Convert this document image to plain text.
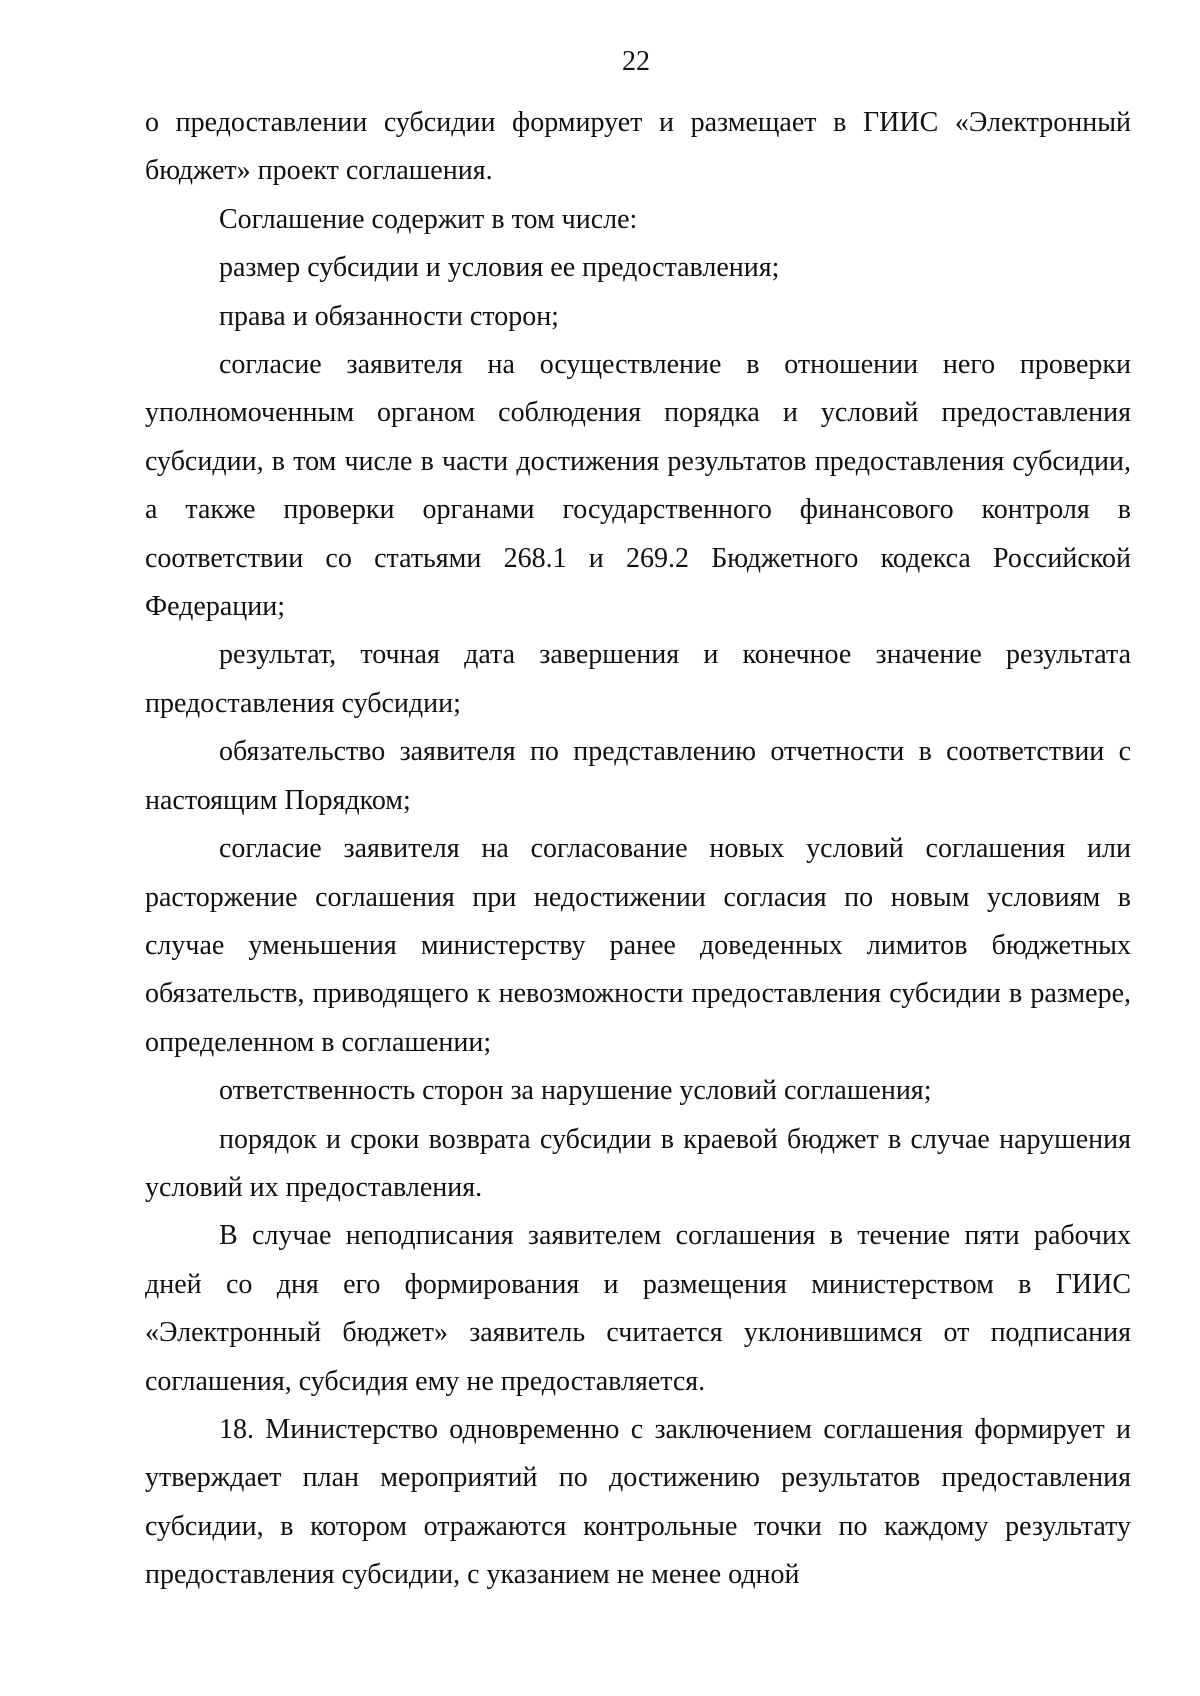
22

о предоставлении субсидии формирует и размещает в ГИИС «Электронный бюджет» проект соглашения.

Соглашение содержит в том числе:

размер субсидии и условия ее предоставления;

права и обязанности сторон;

согласие заявителя на осуществление в отношении него проверки уполномоченным органом соблюдения порядка и условий предоставления субсидии, в том числе в части достижения результатов предоставления субсидии, а также проверки органами государственного финансового контроля в соответствии со статьями 268.1 и 269.2 Бюджетного кодекса Российской Федерации;

результат, точная дата завершения и конечное значение результата предоставления субсидии;

обязательство заявителя по представлению отчетности в соответствии с настоящим Порядком;

согласие заявителя на согласование новых условий соглашения или расторжение соглашения при недостижении согласия по новым условиям в случае уменьшения министерству ранее доведенных лимитов бюджетных обязательств, приводящего к невозможности предоставления субсидии в размере, определенном в соглашении;

ответственность сторон за нарушение условий соглашения;

порядок и сроки возврата субсидии в краевой бюджет в случае нарушения условий их предоставления.

В случае неподписания заявителем соглашения в течение пяти рабочих дней со дня его формирования и размещения министерством в ГИИС «Электронный бюджет» заявитель считается уклонившимся от подписания соглашения, субсидия ему не предоставляется.

18. Министерство одновременно с заключением соглашения формирует и утверждает план мероприятий по достижению результатов предоставления субсидии, в котором отражаются контрольные точки по каждому результату предоставления субсидии, с указанием не менее одной
